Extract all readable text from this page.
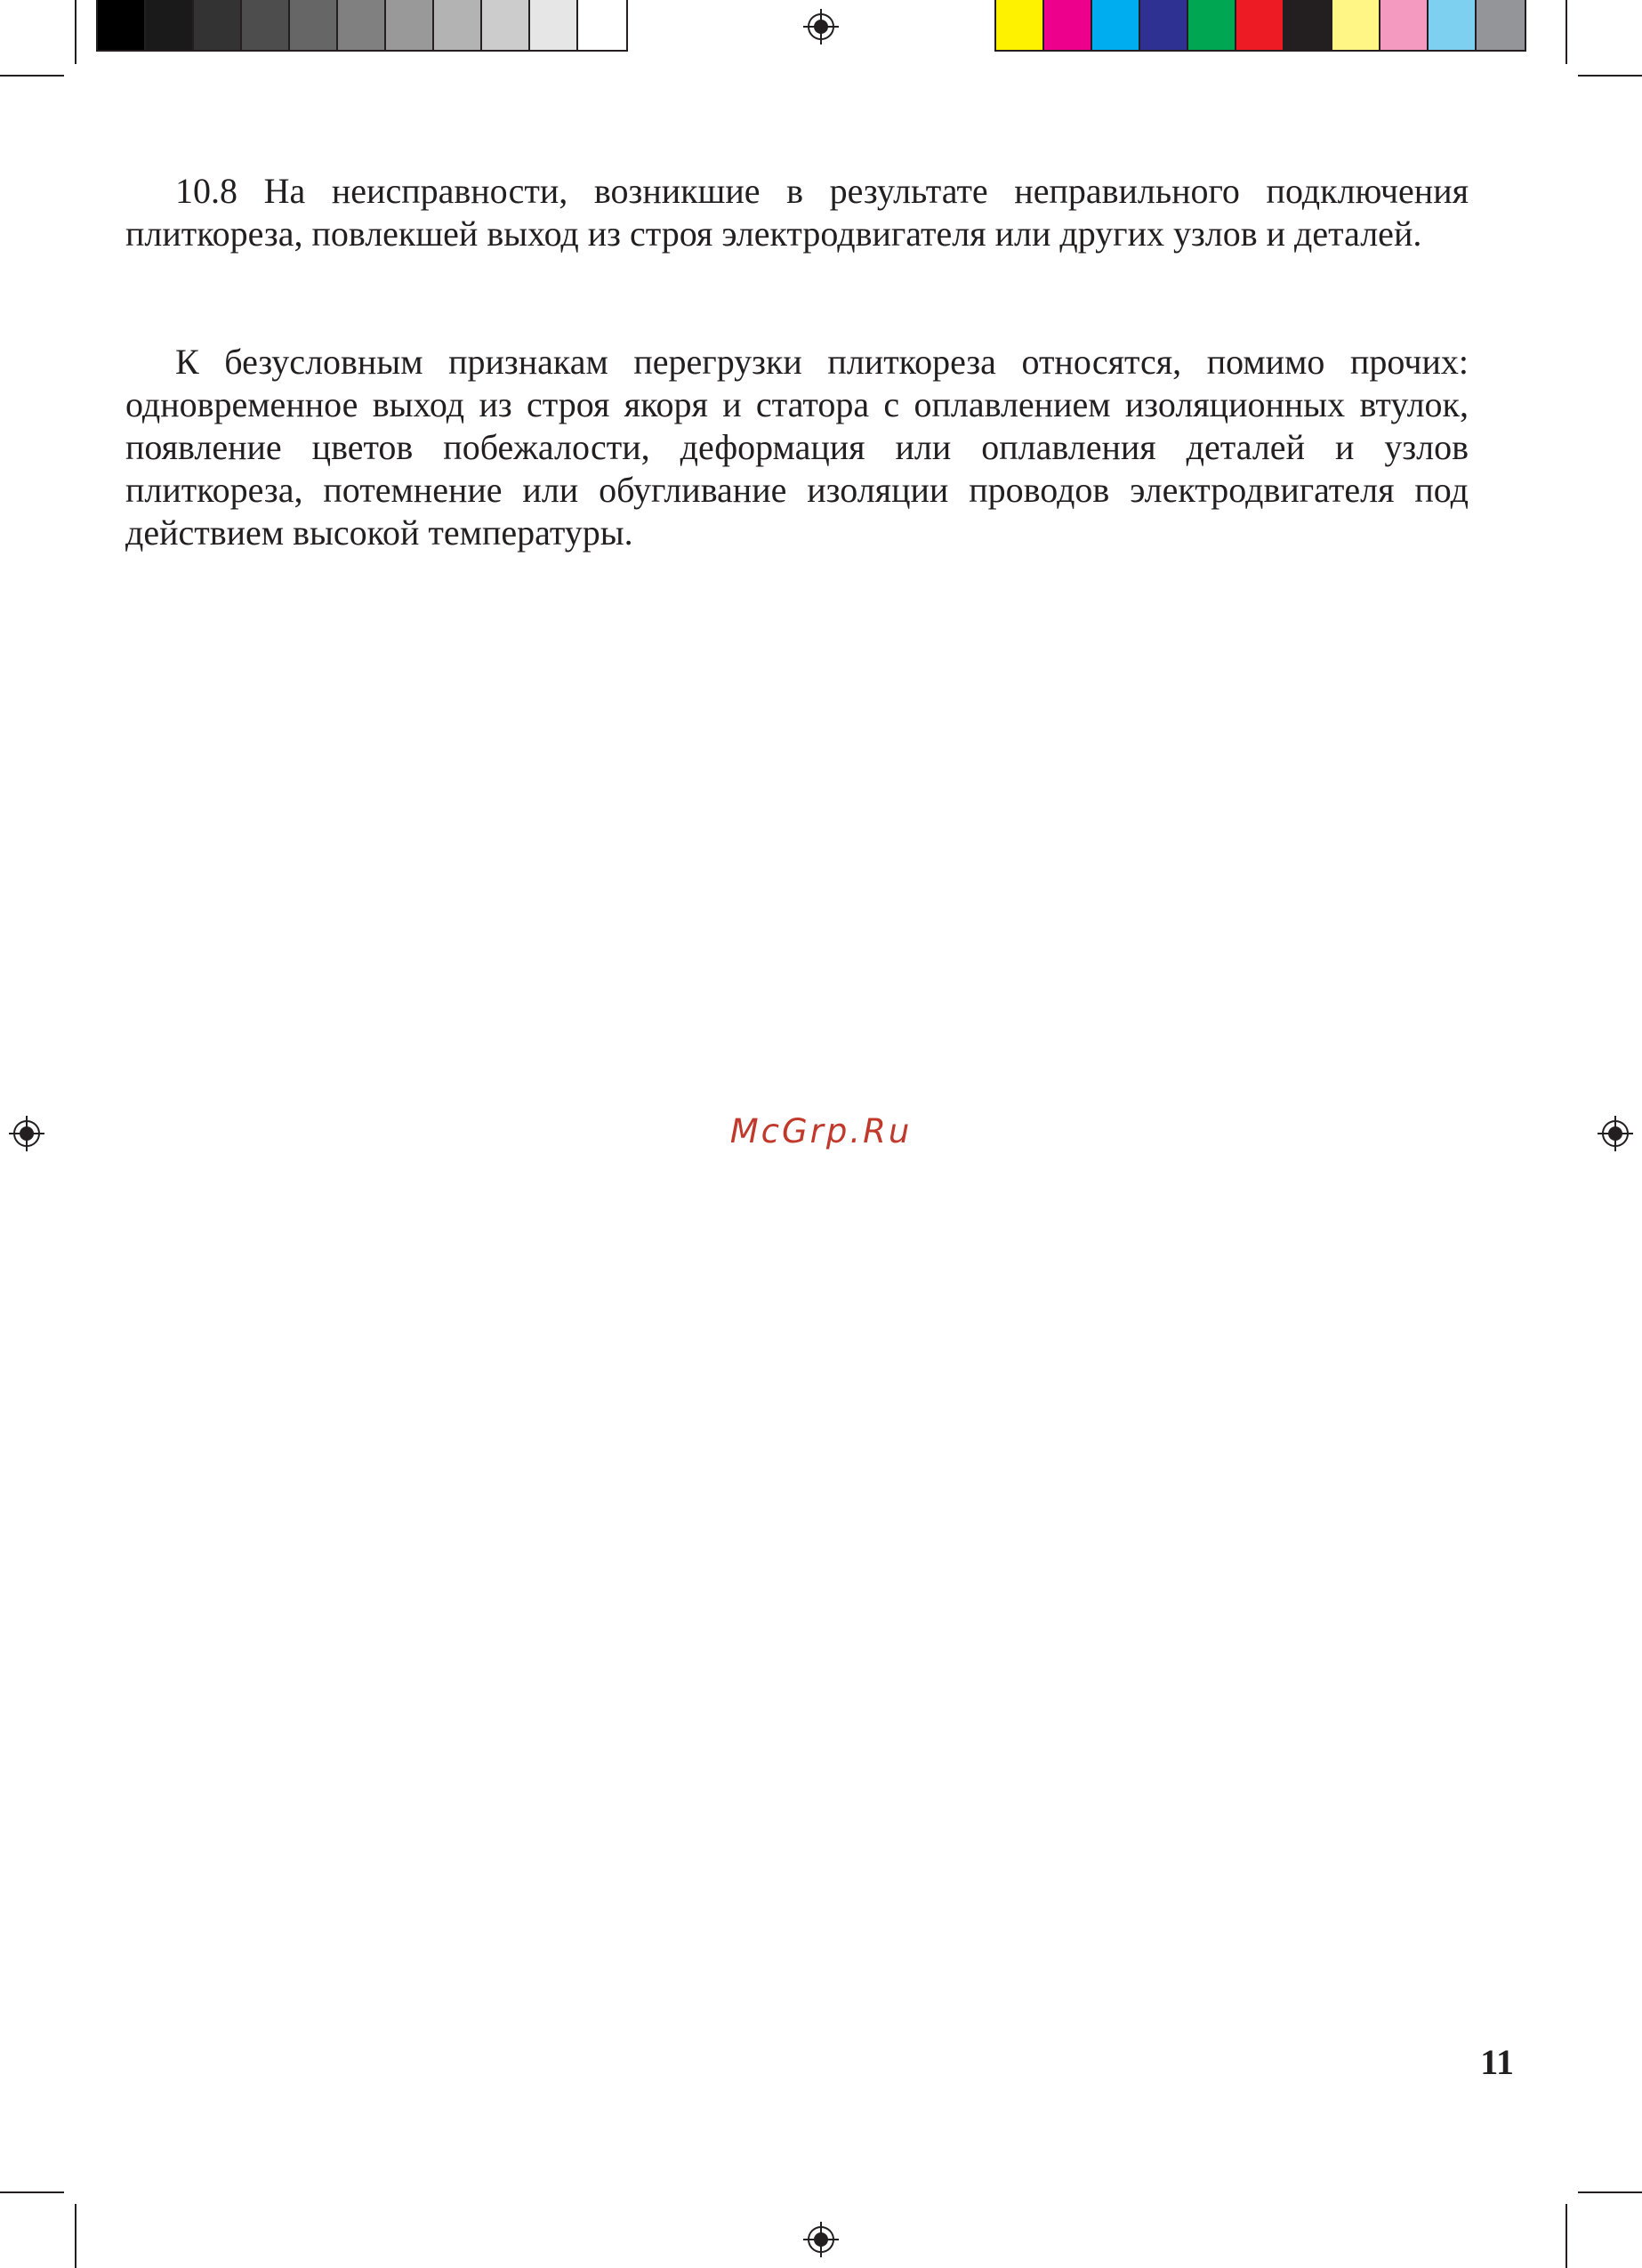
10.8 На неисправности, возникшие в результате неправильного подключения плиткореза, повлекшей выход из строя электродвигателя или других узлов и деталей.

К безусловным признакам перегрузки плиткореза относятся, помимо прочих: одновременное выход из строя якоря и статора с оплавлением изоляционных втулок, появление цветов побежалости, деформация или оплавления деталей и узлов плиткореза, потемнение или обугливание изоляции проводов электродвигателя под действием высокой температуры.

McGrp.Ru
11
